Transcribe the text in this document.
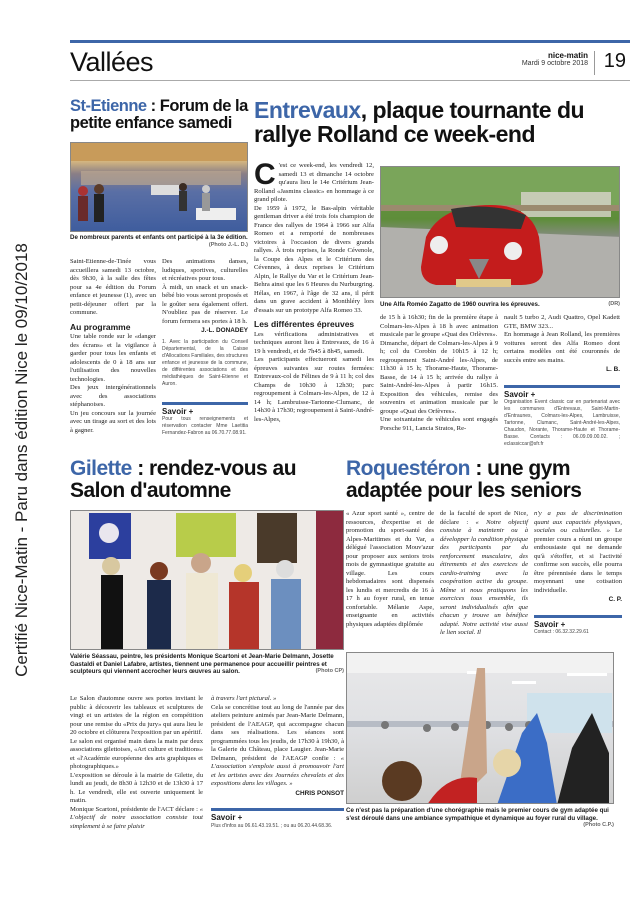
Certifié Nice-Matin - Paru dans édition Nice le 09/10/2018
Vallées	nice-matin
Mardi 9 octobre 2018 19
St-Etienne : Forum de la petite enfance samedi
De nombreux parents et enfants ont participé à la 3e édition.
(Photo J.-L. D.)

Saint-Etienne-de-Tinée vous accueillera samedi 13 octobre, dès 9h30, à la salle des fêtes pour sa 4e édition du Forum enfance et jeunesse (1), avec un petit-déjeuner offert par la commune.

Au programme

Une table ronde sur le «danger des écrans» et la vigilance à garder pour tous les enfants et adolescents de 0 à 18 ans sur l'utilisation des nouvelles technologies.

Des jeux intergénérationnels avec des associations stéphanoises.

Un jeu concours sur la journée avec un tirage au sort et des lots à gagner.

Des animations danses, ludiques, sportives, culturelles et récréatives pour tous.

À midi, un snack et un snack-bébé bio vous seront proposés et le goûter sera également offert. N'oubliez pas de réserver. Le forum fermera ses portes à 18 h.

J.-L. DONADEY
1. Avec la participation du Conseil Départemental, de la Caisse d'Allocations Familiales, des structures enfance et jeunesse de la commune, de différentes associations et des médiathèques de Saint-Etienne et Auron.
Savoir +
Pour tous renseignements et réservation contacter Mme Laetitia Fernandez-Fabron au 06.70.77.08.91.
Entrevaux, plaque tournante du rallye Rolland ce week-end
C 'est ce week-end, les vendredi 12, samedi 13 et dimanche 14 octobre qu'aura lieu le 14e Critérium Jean-Rolland «Jasmins classic» en hommage à ce grand pilote.

De 1959 à 1972, le Bas-alpin véritable gentleman driver a été trois fois champion de France des rallyes de 1964 à 1966 sur Alfa Romeo et a remporté de nombreuses victoires à l'occasion de divers grands rallyes. À trois reprises, la Ronde Cévenole, la Coupe des Alpes et le Critérium des Cévennes, à deux reprises le Critérium Alpin, le Rallye du Var et le Critérium Jean-Behra ainsi que les 6 Heures du Nurburgring. Hélas, en 1967, à l'âge de 32 ans, il périt dans un grave accident à Monthléry lors d'essais sur un prototype Alfa Romeo 33.

Les différentes épreuves

Les vérifications administratives et techniques auront lieu à Entrevaux, de 16 à 19 h vendredi, et de 7h45 à 8h45, samedi.

Les participants effectueront samedi les épreuves suivantes sur routes fermées: Entrevaux-col de Félines de 9 à 11 h; col des Champs de 10h30 à 12h30; parc regroupement à Colmars-les-Alpes, de 12 à 14 h; Lambruisse-Tartonne-Clumanc, de 14h30 à 17h30; regroupement à Saint-André-les-Alpes,

Une Alfa Roméo Zagatto de 1960 ouvrira les épreuves.	(DR)

de 15 h à 16h30; fin de la première étape à Colmars-les-Alpes à 18 h avec animation musicale par le groupe «Quai des Orlèvres».

Dimanche, départ de Colmars-les-Alpes à 9 h; col du Corobin de 10h15 à 12 h; regroupement Saint-André les-Alpes, de 11h30 à 15 h; Thorame-Haute, Thorame-Basse, de 14 à 15 h; arrivée du rallye à Saint-André-les-Alpes à partir 16h15. Exposition des véhicules, remise des souvenirs et animation musicale par le groupe «Quai des Orfèvres».

Une soixantaine de véhicules sont engagés Porsche 911, Lancia Stratos, Re-

nault 5 turbo 2, Audi Quattro, Opel Kadett GTE, BMW 323...

En hommage à Jean Rolland, les premières voitures seront des Alfa Romeo dont certains modèles ont été couronnés de succès entre ses mains.

L. B.
Savoir +
Organisation Event classic car en partenariat avec les communes d'Entrevaux, Saint-Martin-d'Entraunes, Colmars-les-Alpes, Lambruisse, Tartonne, Clumanc, Saint-André-les-Alpes, Chaudon, Norante, Thorame-Haute et Thorame-Basse. Contacts : 06.09.09.00.02. ; eclassiccar@sfr.fr
Gilette : rendez-vous au Salon d'automne
Valérie Séassau, peintre, les présidents Monique Scartoni et Jean-Marie Delmann, Josette Gastaldi et Daniel Lafabre, artistes, tiennent une permanence pour accueillir peintres et sculpteurs qui viennent accrocher leurs œuvres au salon.	(Photo CP)

Le Salon d'automne ouvre ses portes invitant le public à découvrir les tableaux et sculptures de vingt et un artistes de la région en compétition pour une remise du «Prix du jury» qui aura lieu le 20 octobre et clôturera l'exposition par un apéritif.

Le salon est organisé main dans la main par deux associations gilettoises, «Art culture et traditions» et «l'Académie européenne des arts graphiques et photographiques.»

L'exposition se déroule à la mairie de Gilette, du lundi au jeudi, de 8h30 à 12h30 et de 13h30 à 17 h. Le vendredi, elle est ouverte uniquement le matin.

Monique Scartoni, présidente de l'ACT déclare : « L'objectif de notre association consiste tout simplement à se faire plaisir

à travers l'art pictural. »

Cela se concrétise tout au long de l'année par des ateliers peinture animés par Jean-Marie Delmann, président de l'AEAGP, qui accompagne chacun dans ses réalisations. Les séances sont programmées tous les jeudis, de 17h30 à 19h30, à la Galerie du Château, place Laugier. Jean-Marie Delmann, président de l'AEAGP confie : « L'association s'emploie aussi à promouvoir l'art et les artistes avec des Journées chevalets et des expositions dans les villages. »

CHRIS PONSOT
Savoir +
Plus d'infos au 06.61.43.19.51. ; ou au 06.20.44.68.36.
Roquestéron : une gym adaptée pour les seniors

« Azur sport santé », centre de ressources, d'expertise et de promotion du sport-santé des Alpes-Maritimes et du Var, a délégué l'association Mouv'azur pour proposer aux seniors trois mois de gymnastique gratuite au village. Les cours hebdomadaires sont dispensés les lundis et mercredis de 16 à 17 h au foyer rural, en tenue confortable. Mélanie Aspe, enseignante en activités physiques adaptées diplômée

de la faculté de sport de Nice, déclare : « Notre objectif consiste à maintenir ou à développer la condition physique des participants par du renforcement musculaire, des étirements et des exercices de cardio-training avec la coopération active du groupe. Même si nous pratiquons les exercices tous ensemble, ils seront individualisés afin que chacun y trouve un bénéfice adapté. Notre activité vise aussi le lien social. Il

n'y a pas de discrimination quant aux capacités physiques, sociales ou culturelles. » Le premier cours a réuni un groupe enthousiaste qui ne demande qu'à s'étoffer, et si l'activité confirme son succès, elle pourra être pérennisée dans le temps moyennant une cotisation individuelle.

C. P.
Savoir +
Contact : 06.32.32.29.61
Ce n'est pas la préparation d'une chorégraphie mais le premier cours de gym adaptée qui s'est déroulé dans une ambiance sympathique et dynamique au foyer rural du village.
(Photo C.P.)
